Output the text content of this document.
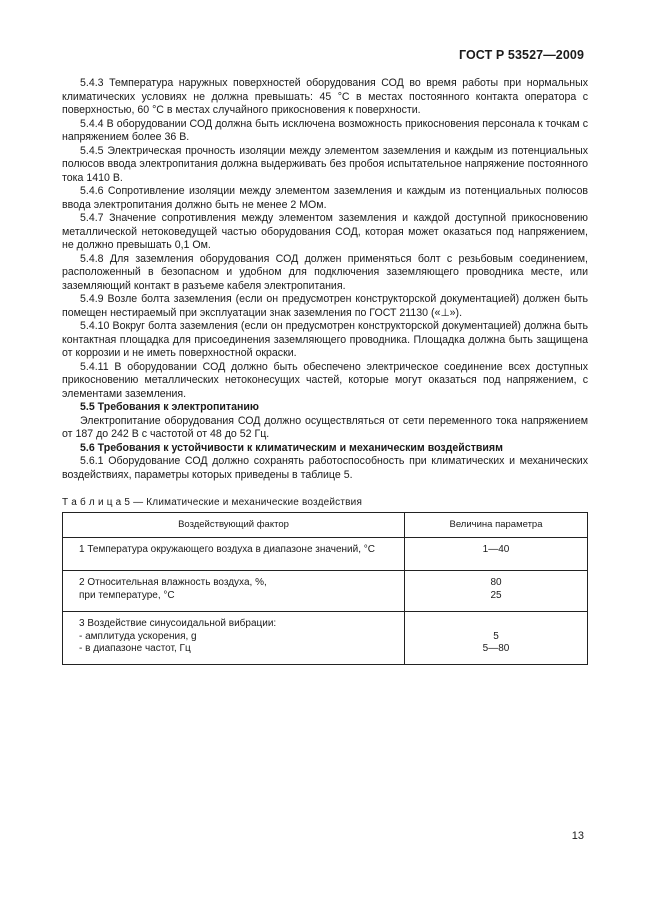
ГОСТ Р 53527—2009

5.4.3 Температура наружных поверхностей оборудования СОД во время работы при нормальных климатических условиях не должна превышать: 45 °С в местах постоянного контакта оператора с поверхностью, 60 °С в местах случайного прикосновения к поверхности.

5.4.4 В оборудовании СОД должна быть исключена возможность прикосновения персонала к точкам с напряжением более 36 В.

5.4.5 Электрическая прочность изоляции между элементом заземления и каждым из потенциальных полюсов ввода электропитания должна выдерживать без пробоя испытательное напряжение постоянного тока 1410 В.

5.4.6 Сопротивление изоляции между элементом заземления и каждым из потенциальных полюсов ввода электропитания должно быть не менее 2 МОм.

5.4.7 Значение сопротивления между элементом заземления и каждой доступной прикосновению металлической нетоковедущей частью оборудования СОД, которая может оказаться под напряжением, не должно превышать 0,1 Ом.

5.4.8 Для заземления оборудования СОД должен применяться болт с резьбовым соединением, расположенный в безопасном и удобном для подключения заземляющего проводника месте, или заземляющий контакт в разъеме кабеля электропитания.

5.4.9 Возле болта заземления (если он предусмотрен конструкторской документацией) должен быть помещен нестираемый при эксплуатации знак заземления по ГОСТ 21130 («⊥»).

5.4.10 Вокруг болта заземления (если он предусмотрен конструкторской документацией) должна быть контактная площадка для присоединения заземляющего проводника. Площадка должна быть защищена от коррозии и не иметь поверхностной окраски.

5.4.11 В оборудовании СОД должно быть обеспечено электрическое соединение всех доступных прикосновению металлических нетоконесущих частей, которые могут оказаться под напряжением, с элементами заземления.

5.5 Требования к электропитанию

Электропитание оборудования СОД должно осуществляться от сети переменного тока напряжением от 187 до 242 В с частотой от 48 до 52 Гц.

5.6 Требования к устойчивости к климатическим и механическим воздействиям

5.6.1 Оборудование СОД должно сохранять работоспособность при климатических и механических воздействиях, параметры которых приведены в таблице 5.

Т а б л и ц а 5 — Климатические и механические воздействия
Воздействующий фактор	Величина параметра

1 Температура окружающего воздуха в диапазоне значений, °С	1—40

2 Относительная влажность воздуха, %,
при температуре, °С	80
25

3 Воздействие синусоидальной вибрации:
- амплитуда ускорения, g
- в диапазоне частот, Гц	5
5—80
13
